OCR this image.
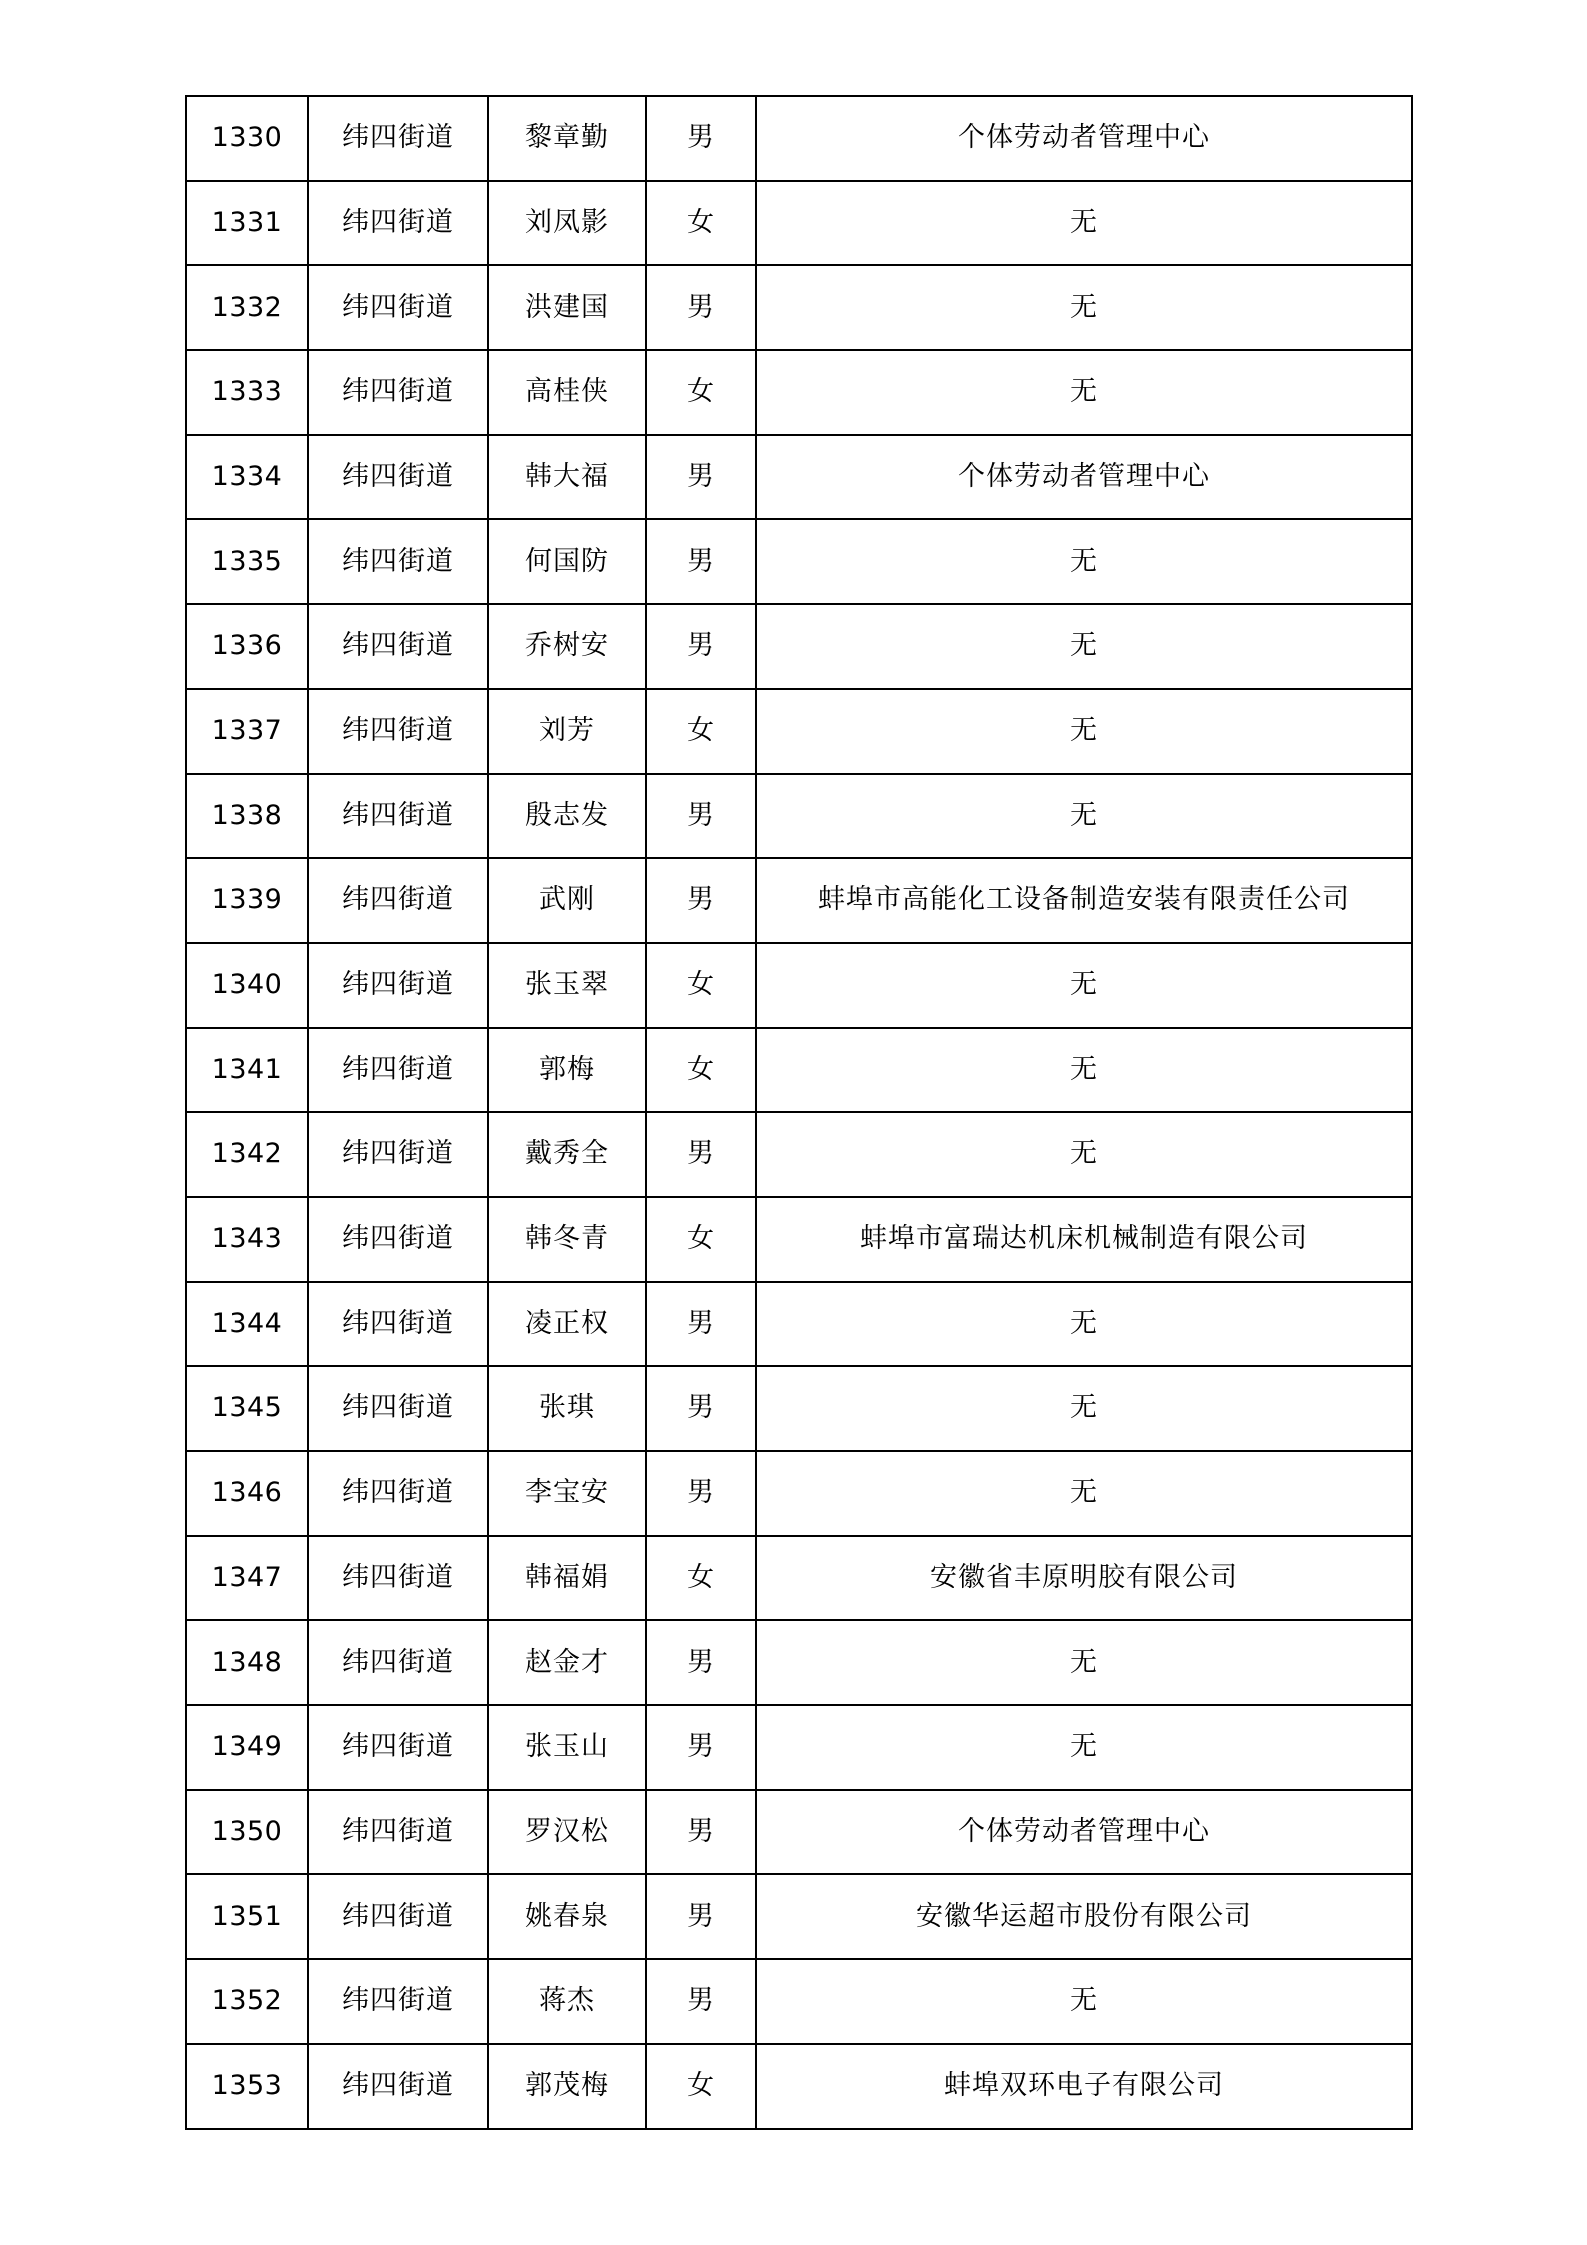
1330	纬四街道	黎章勤	男	个体劳动者管理中心
1331	纬四街道	刘凤影	女	无
1332	纬四街道	洪建国	男	无
1333	纬四街道	高桂侠	女	无
1334	纬四街道	韩大福	男	个体劳动者管理中心
1335	纬四街道	何国防	男	无
1336	纬四街道	乔树安	男	无
1337	纬四街道	刘芳	女	无
1338	纬四街道	殷志发	男	无
1339	纬四街道	武刚	男	蚌埠市高能化工设备制造安装有限责任公司
1340	纬四街道	张玉翠	女	无
1341	纬四街道	郭梅	女	无
1342	纬四街道	戴秀全	男	无
1343	纬四街道	韩冬青	女	蚌埠市富瑞达机床机械制造有限公司
1344	纬四街道	凌正权	男	无
1345	纬四街道	张琪	男	无
1346	纬四街道	李宝安	男	无
1347	纬四街道	韩福娟	女	安徽省丰原明胶有限公司
1348	纬四街道	赵金才	男	无
1349	纬四街道	张玉山	男	无
1350	纬四街道	罗汉松	男	个体劳动者管理中心
1351	纬四街道	姚春泉	男	安徽华运超市股份有限公司
1352	纬四街道	蒋杰	男	无
1353	纬四街道	郭茂梅	女	蚌埠双环电子有限公司
